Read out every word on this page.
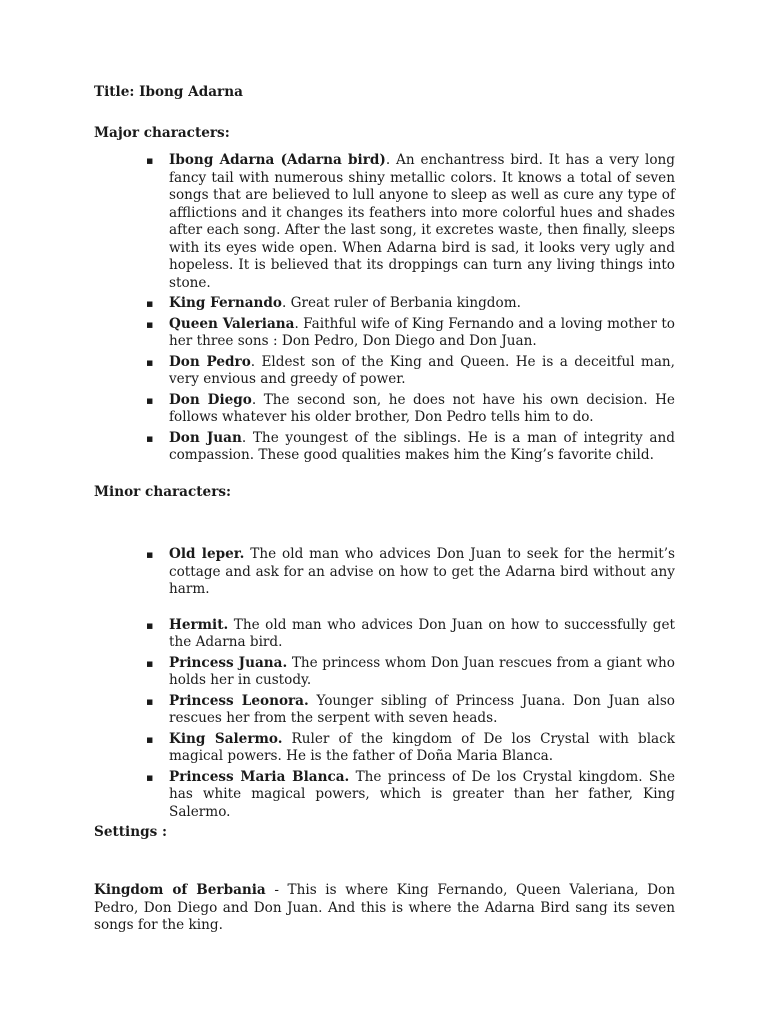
Title: Ibong Adarna

Major characters:

▪ Ibong Adarna (Adarna bird). An enchantress bird. It has a very long fancy tail with numerous shiny metallic colors. It knows a total of seven songs that are believed to lull anyone to sleep as well as cure any type of afflictions and it changes its feathers into more colorful hues and shades after each song. After the last song, it excretes waste, then finally, sleeps with its eyes wide open. When Adarna bird is sad, it looks very ugly and hopeless. It is believed that its droppings can turn any living things into stone.
▪ King Fernando. Great ruler of Berbania kingdom.
▪ Queen Valeriana. Faithful wife of King Fernando and a loving mother to her three sons : Don Pedro, Don Diego and Don Juan.
▪ Don Pedro. Eldest son of the King and Queen. He is a deceitful man, very envious and greedy of power.
▪ Don Diego. The second son, he does not have his own decision. He follows whatever his older brother, Don Pedro tells him to do.
▪ Don Juan. The youngest of the siblings. He is a man of integrity and compassion. These good qualities makes him the King’s favorite child.

Minor characters:

▪ Old leper. The old man who advices Don Juan to seek for the hermit’s cottage and ask for an advise on how to get the Adarna bird without any harm.
▪ Hermit. The old man who advices Don Juan on how to successfully get the Adarna bird.
▪ Princess Juana. The princess whom Don Juan rescues from a giant who holds her in custody.
▪ Princess Leonora. Younger sibling of Princess Juana. Don Juan also rescues her from the serpent with seven heads.
▪ King Salermo. Ruler of the kingdom of De los Crystal with black magical powers. He is the father of Doña Maria Blanca.
▪ Princess Maria Blanca. The princess of De los Crystal kingdom. She has white magical powers, which is greater than her father, King Salermo.

Settings :

Kingdom of Berbania - This is where King Fernando, Queen Valeriana, Don Pedro, Don Diego and Don Juan. And this is where the Adarna Bird sang its seven songs for the king.
